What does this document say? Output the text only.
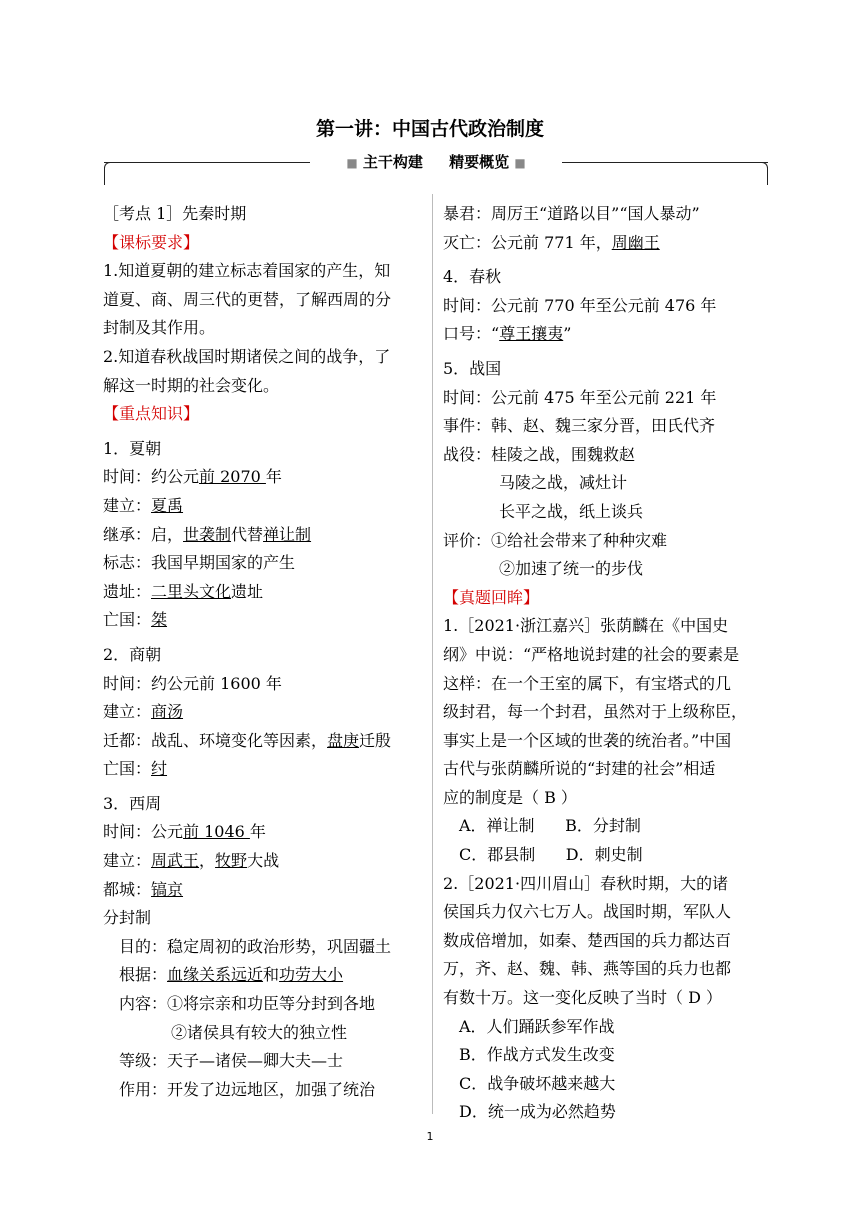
第一讲：中国古代政治制度
■ 主干构建 精要概览 ■
［考点 1］先秦时期
【课标要求】
1.知道夏朝的建立标志着国家的产生，知
道夏、商、周三代的更替，了解西周的分
封制及其作用。
2.知道春秋战国时期诸侯之间的战争，了
解这一时期的社会变化。
【重点知识】
1．夏朝
时间：约公元前 2070 年
建立：夏禹
继承：启，世袭制代替禅让制
标志：我国早期国家的产生
遗址：二里头文化遗址
亡国：桀
2．商朝
时间：约公元前 1600 年
建立：商汤
迁都：战乱、环境变化等因素，盘庚迁殷
亡国：纣
3．西周
时间：公元前 1046 年
建立：周武王，牧野大战
都城：镐京
分封制
目的：稳定周初的政治形势，巩固疆土
根据：血缘关系远近和功劳大小
内容：①将宗亲和功臣等分封到各地
②诸侯具有较大的独立性
等级：天子—诸侯—卿大夫—士
作用：开发了边远地区，加强了统治
暴君：周厉王“道路以目”“国人暴动”
灭亡：公元前 771 年，周幽王
4．春秋
时间：公元前 770 年至公元前 476 年
口号：“尊王攘夷”
5．战国
时间：公元前 475 年至公元前 221 年
事件：韩、赵、魏三家分晋，田氏代齐
战役：桂陵之战，围魏救赵
马陵之战，减灶计
长平之战，纸上谈兵
评价：①给社会带来了种种灾难
②加速了统一的步伐
【真题回眸】
1.［2021·浙江嘉兴］张荫麟在《中国史
纲》中说：“严格地说封建的社会的要素是
这样：在一个王室的属下，有宝塔式的几
级封君，每一个封君，虽然对于上级称臣，
事实上是一个区域的世袭的统治者。”中国
古代与张荫麟所说的“封建的社会”相适
应的制度是（ B ）
A．禅让制      B．分封制
C．郡县制      D．刺史制
2.［2021·四川眉山］春秋时期，大的诸
侯国兵力仅六七万人。战国时期，军队人
数成倍增加，如秦、楚西国的兵力都达百
万，齐、赵、魏、韩、燕等国的兵力也都
有数十万。这一变化反映了当时（ D ）
A．人们踊跃参军作战
B．作战方式发生改变
C．战争破坏越来越大
D．统一成为必然趋势
1
